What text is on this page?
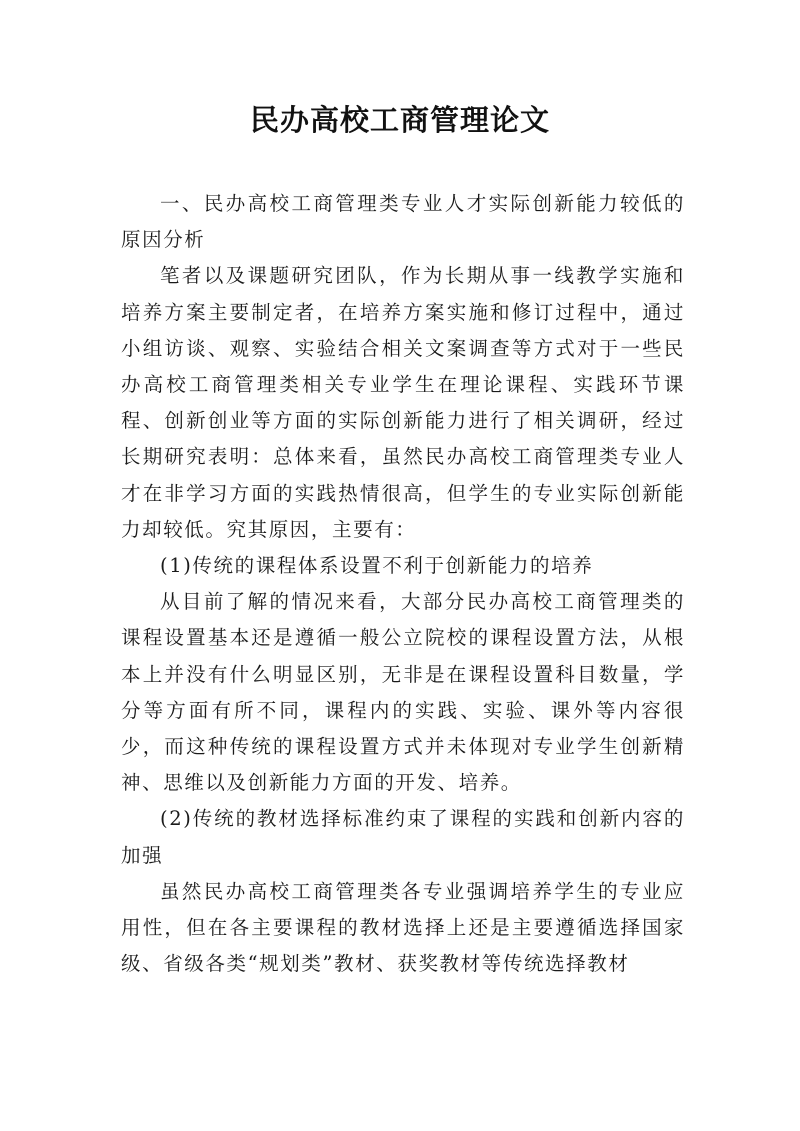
民办高校工商管理论文

一、民办高校工商管理类专业人才实际创新能力较低的原因分析

笔者以及课题研究团队，作为长期从事一线教学实施和培养方案主要制定者，在培养方案实施和修订过程中，通过小组访谈、观察、实验结合相关文案调查等方式对于一些民办高校工商管理类相关专业学生在理论课程、实践环节课程、创新创业等方面的实际创新能力进行了相关调研，经过长期研究表明：总体来看，虽然民办高校工商管理类专业人才在非学习方面的实践热情很高，但学生的专业实际创新能力却较低。究其原因，主要有：

(1)传统的课程体系设置不利于创新能力的培养

从目前了解的情况来看，大部分民办高校工商管理类的课程设置基本还是遵循一般公立院校的课程设置方法，从根本上并没有什么明显区别，无非是在课程设置科目数量，学分等方面有所不同，课程内的实践、实验、课外等内容很少，而这种传统的课程设置方式并未体现对专业学生创新精神、思维以及创新能力方面的开发、培养。

(2)传统的教材选择标准约束了课程的实践和创新内容的加强

虽然民办高校工商管理类各专业强调培养学生的专业应用性，但在各主要课程的教材选择上还是主要遵循选择国家级、省级各类“规划类”教材、获奖教材等传统选择教材
